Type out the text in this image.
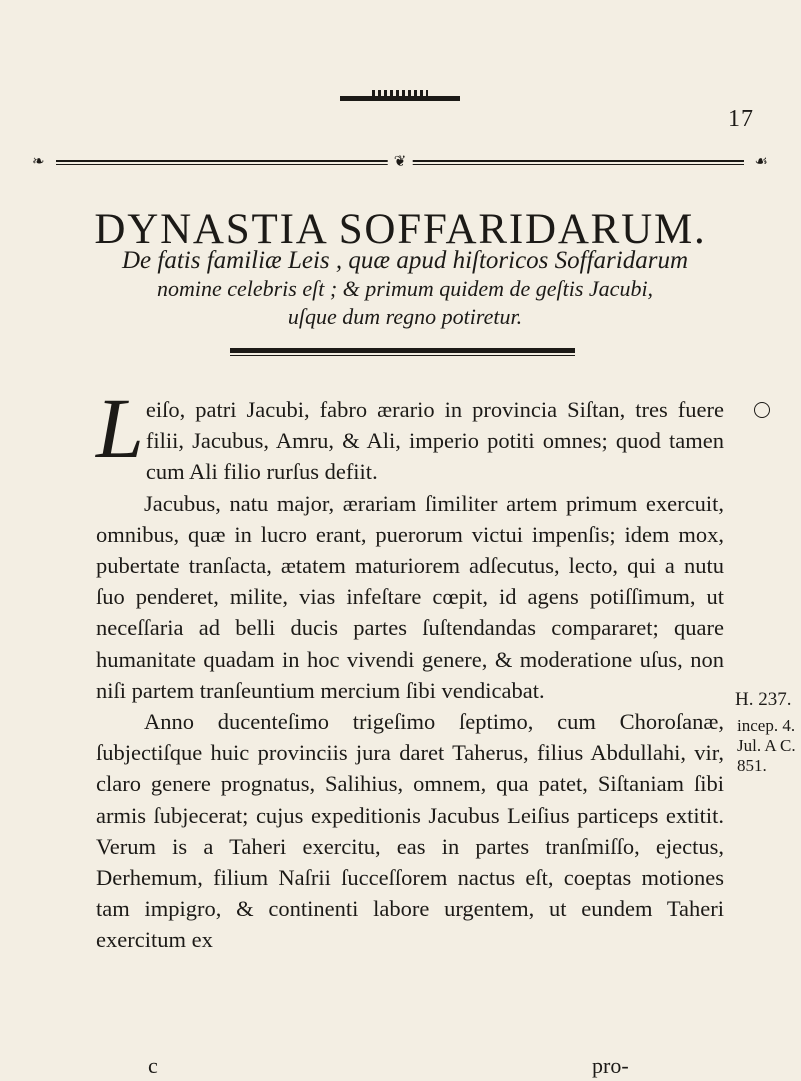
17
❧	❦	☙
DYNASTIA SOFFARIDARUM.
De fatis familiæ Leis , quæ apud hiſtoricos Soffaridarum
nomine celebris eſt ; & primum quidem de geſtis Jacubi,
uſque dum regno potiretur.

Leiſo, patri Jacubi, fabro ærario in provincia Siſtan, tres fuere filii, Jacubus, Amru, & Ali, imperio potiti omnes; quod tamen cum Ali filio rurſus defiit.

Jacubus, natu major, ærariam ſimiliter artem primum exercuit, omnibus, quæ in lucro erant, puerorum victui impenſis; idem mox, pubertate tranſacta, ætatem maturiorem adſecutus, lecto, qui a nutu ſuo penderet, milite, vias infeſtare cœpit, id agens potiſſimum, ut neceſſaria ad belli ducis partes ſuſtendandas compararet; quare humanitate quadam in hoc vivendi genere, & moderatione uſus, non niſi partem tranſeuntium mercium ſibi vendicabat.

Anno ducenteſimo trigeſimo ſeptimo, cum Choroſanæ, ſubjectiſque huic provinciis jura daret Taherus, filius Abdullahi, vir, claro genere prognatus, Salihius, omnem, qua patet, Siſtaniam ſibi armis ſubjecerat; cujus expeditionis Jacubus Leiſius particeps extitit. Verum is a Taheri exercitu, eas in partes tranſmiſſo, ejectus, Derhemum, filium Naſrii ſucceſſorem nactus eſt, coeptas motiones tam impigro, & continenti labore urgentem, ut eundem Taheri exercitum ex

H. 237.
incep. 4.
Jul. A C.
851.
c	pro-
